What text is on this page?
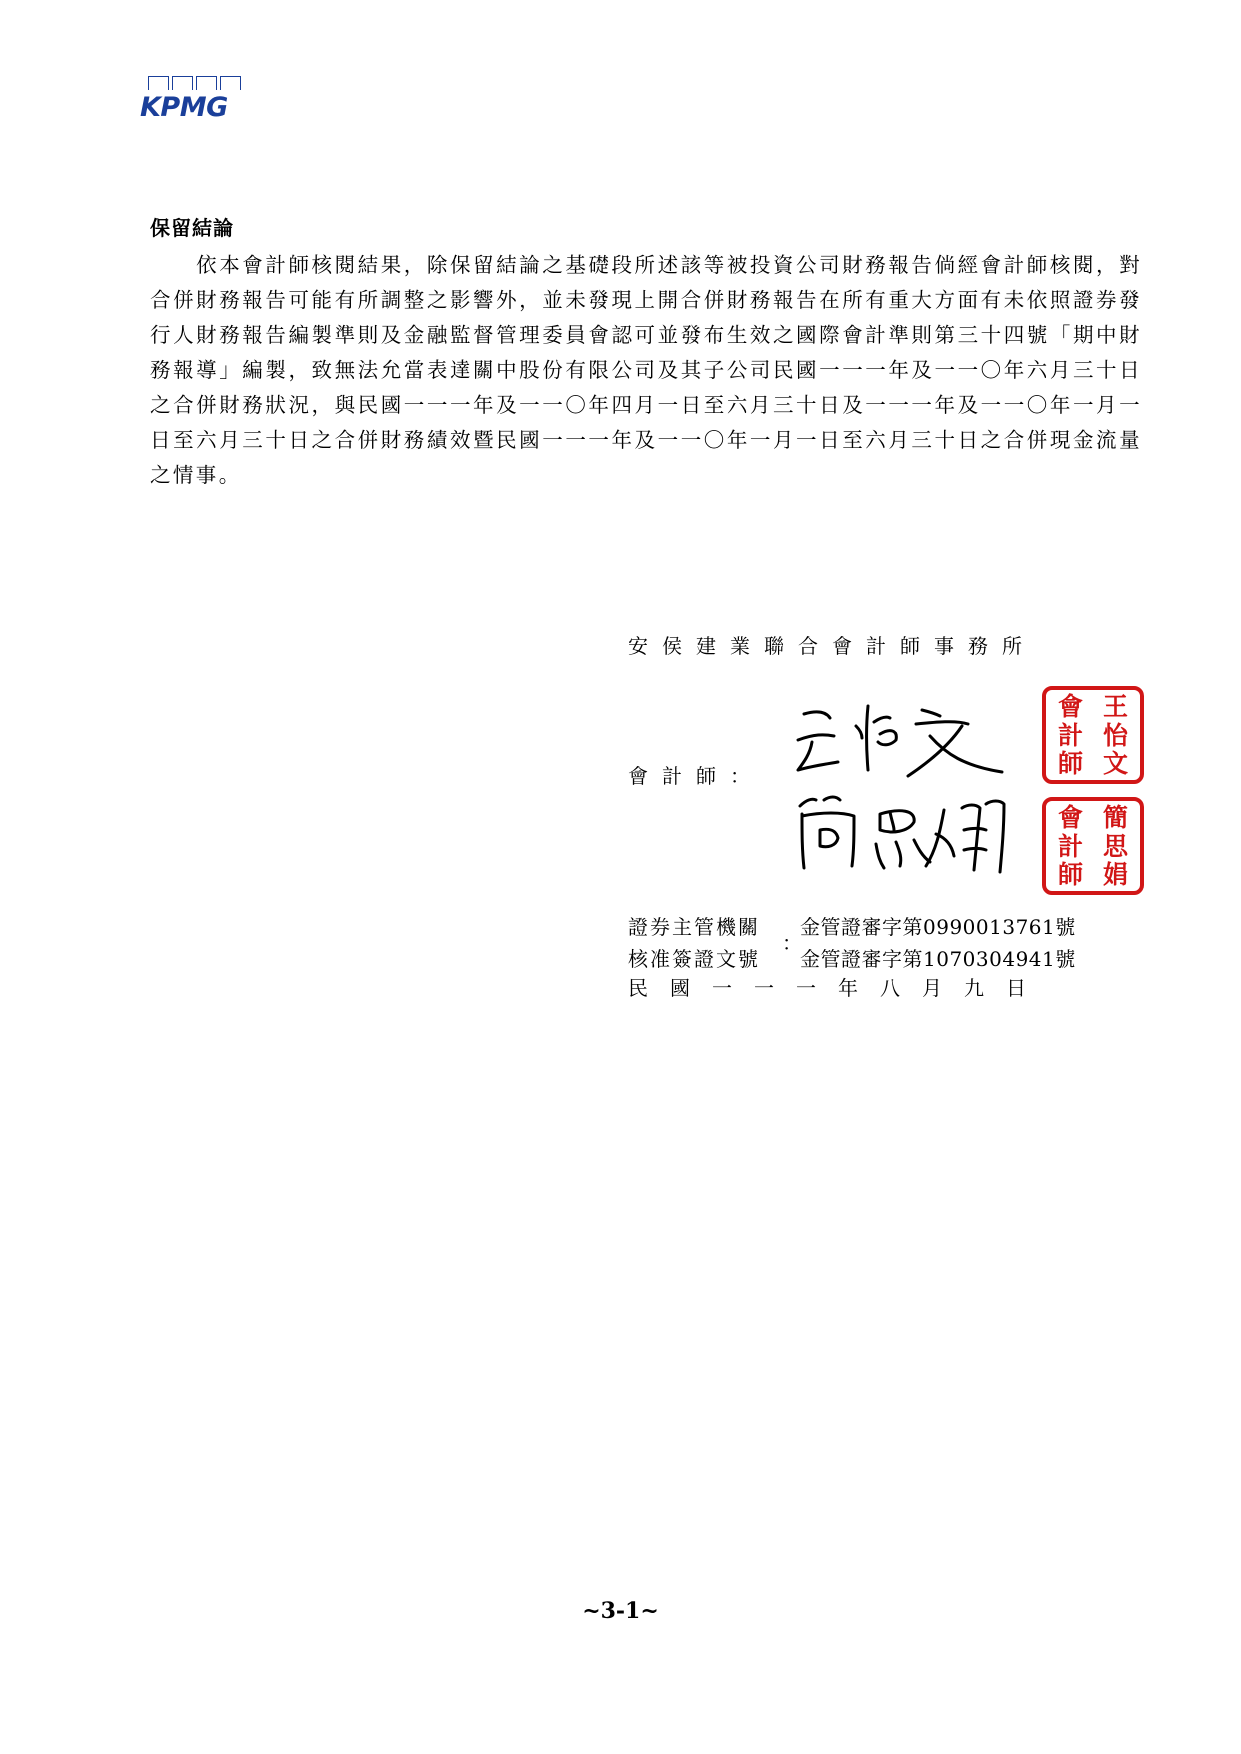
KPMG
保留結論

　　依本會計師核閱結果，除保留結論之基礎段所述該等被投資公司財務報告倘經會計師核閱，對合併財務報告可能有所調整之影響外，並未發現上開合併財務報告在所有重大方面有未依照證券發行人財務報告編製準則及金融監督管理委員會認可並發布生效之國際會計準則第三十四號「期中財務報導」編製，致無法允當表達關中股份有限公司及其子公司民國一一一年及一一〇年六月三十日之合併財務狀況，與民國一一一年及一一〇年四月一日至六月三十日及一一一年及一一〇年一月一日至六月三十日之合併財務績效暨民國一一一年及一一〇年一月一日至六月三十日之合併現金流量之情事。

安侯建業聯合會計師事務所
會計師：
會 王
計 怡
師 文
會 簡
計 思
師 娟
證券主管機關	金管證審字第0990013761號
核准簽證文號	金管證審字第1070304941號
：
民國一一一年八月九日
~3-1~
